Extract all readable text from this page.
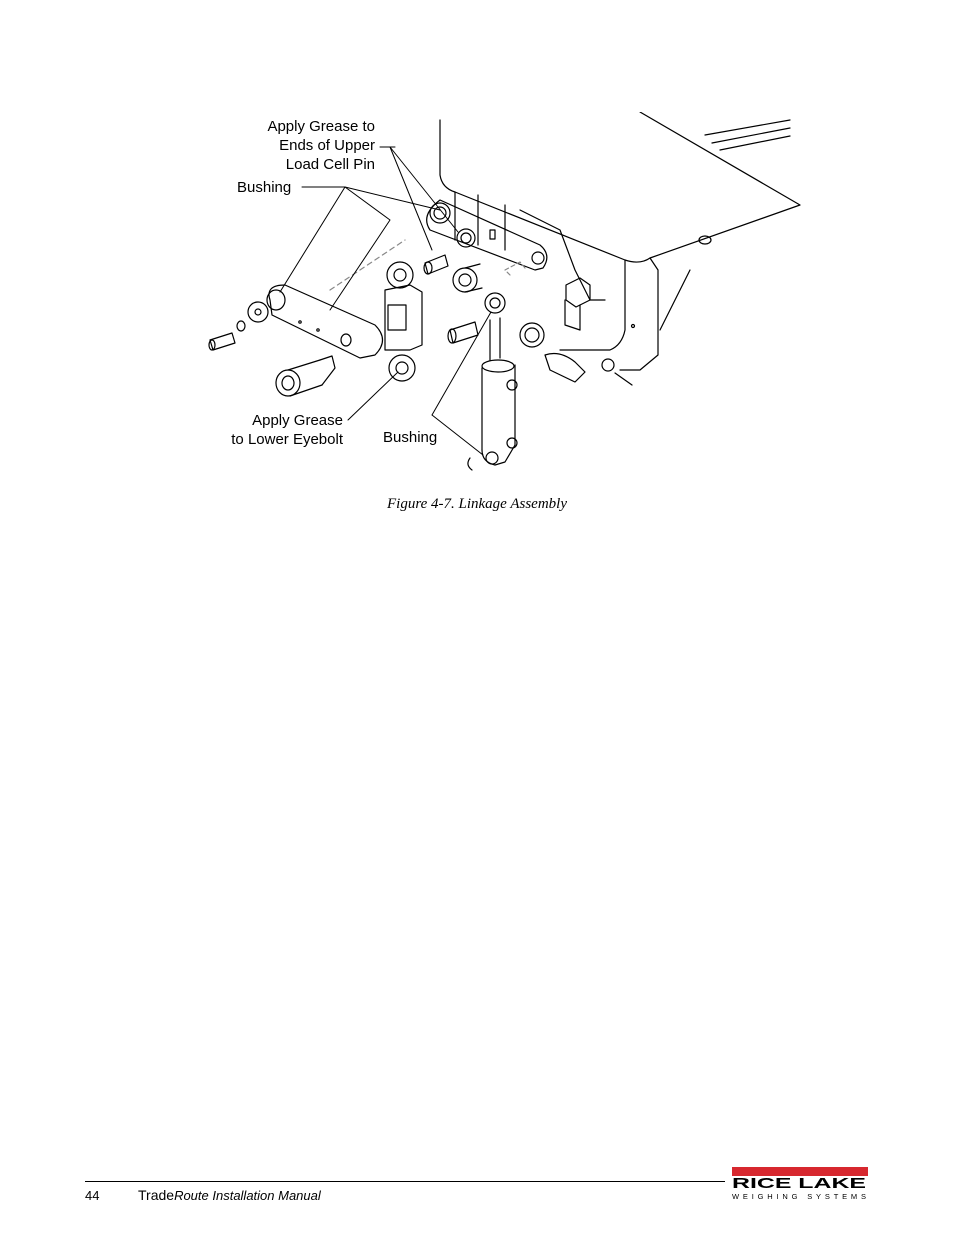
Apply Grease to
Ends of Upper
Load Cell Pin
Bushing
Apply Grease
to Lower Eyebolt	Bushing
Figure 4-7. Linkage Assembly
44	TradeRoute Installation Manual
RICE LAKE
WEIGHING SYSTEMS
